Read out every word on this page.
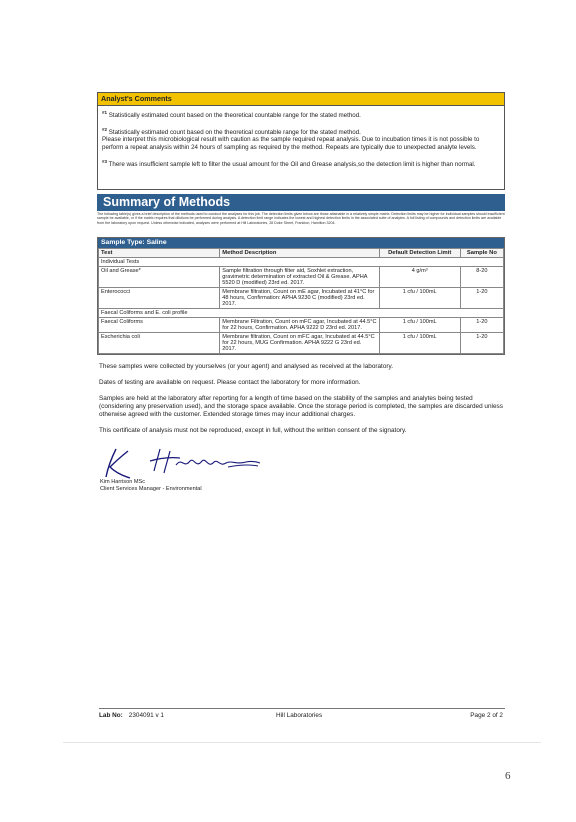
Analyst's Comments

$^{\#1}$ Statistically estimated count based on the theoretical countable range for the stated method.

$^{\#2}$ Statistically estimated count based on the theoretical countable range for the stated method.
Please interpret this microbiological result with caution as the sample required repeat analysis. Due to incubation times it is not possible to perform a repeat analysis within 24 hours of sampling as required by the method. Repeats are typically due to unexpected analyte levels.

$^{\#3}$ There was insufficient sample left to filter the usual amount for the Oil and Grease analysis,so the detection limit is higher than normal.

Summary of Methods
The following table(s) gives a brief description of the methods used to conduct the analyses for this job. The detection limits given below are those attainable in a relatively simple matrix. Detection limits may be higher for individual samples should insufficient sample be available, or if the matrix requires that dilutions be performed during analysis. A detection limit range indicates the lowest and highest detection limits in the associated suite of analytes. A full listing of compounds and detection limits are available from the laboratory upon request. Unless otherwise indicated, analyses were performed at Hill Laboratories, 28 Duke Street, Frankton, Hamilton 3204.
Sample Type: Saline
Test	Method Description	Default Detection Limit	Sample No
Individual Tests			
Oil and Grease*	Sample filtration through filter aid, Soxhlet extraction, gravimetric determination of extracted Oil & Grease. APHA 5520 D (modified) 23rd ed. 2017.	4 g/m³	8-20
Enterococci	Membrane filtration, Count on mE agar, Incubated at 41°C for 48 hours, Confirmation: APHA 9230 C (modified) 23rd ed. 2017.	1 cfu / 100mL	1-20
Faecal Coliforms and E. coli profile			
Faecal Coliforms	Membrane Filtration, Count on mFC agar, Incubated at 44.5°C for 22 hours, Confirmation. APHA 9222 D 23rd ed. 2017.	1 cfu / 100mL	1-20
Escherichia coli	Membrane filtration, Count on mFC agar, Incubated at 44.5°C for 22 hours, MUG Confirmation. APHA 9222 G 23rd ed. 2017.	1 cfu / 100mL	1-20

These samples were collected by yourselves (or your agent) and analysed as received at the laboratory.

Dates of testing are available on request. Please contact the laboratory for more information.

Samples are held at the laboratory after reporting for a length of time based on the stability of the samples and analytes being tested (considering any preservation used), and the storage space available. Once the storage period is completed, the samples are discarded unless otherwise agreed with the customer. Extended storage times may incur additional charges.

This certificate of analysis must not be reproduced, except in full, without the written consent of the signatory.

Kim Harrison MSc
Client Services Manager - Environmental
Lab No: 2304091 v 1	Hill Laboratories	Page 2 of 2
6
